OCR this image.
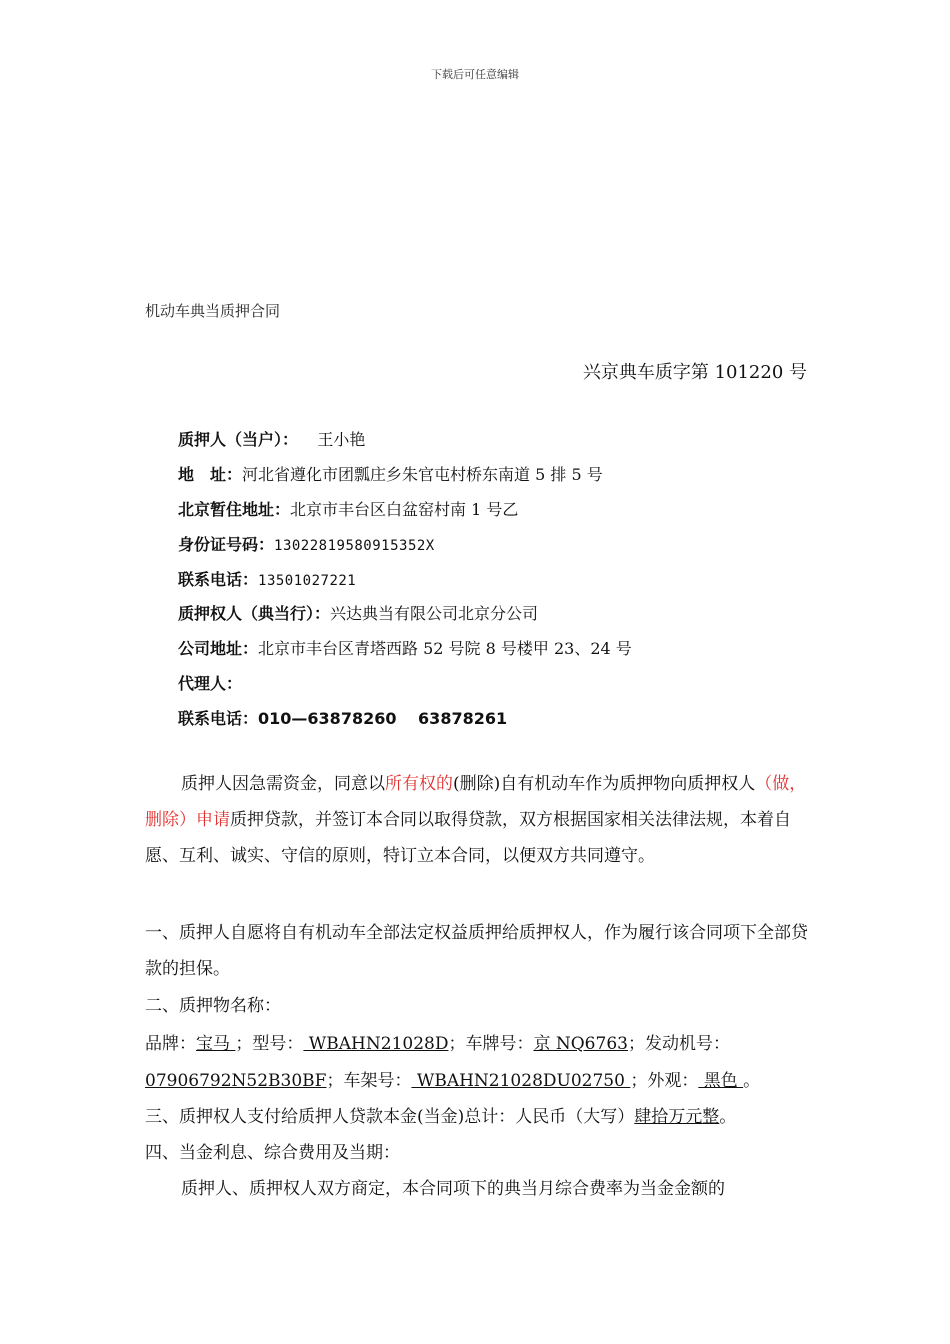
下载后可任意编辑
机动车典当质押合同
兴京典车质字第 101220 号
质押人（当户）： 王小艳
地　址：河北省遵化市团瓢庄乡朱官屯村桥东南道 5 排 5 号
北京暂住地址：北京市丰台区白盆窑村南 1 号乙
身份证号码：13022819580915352X
联系电话：13501027221
质押权人（典当行）：兴达典当有限公司北京分公司
公司地址：北京市丰台区青塔西路 52 号院 8 号楼甲 23、24 号
代理人：
联系电话：010—63878260　 63878261
质押人因急需资金，同意以所有权的(删除)自有机动车作为质押物向质押权人（做，删除）申请质押贷款，并签订本合同以取得贷款，双方根据国家相关法律法规，本着自愿、互利、诚实、守信的原则，特订立本合同，以便双方共同遵守。
一、质押人自愿将自有机动车全部法定权益质押给质押权人，作为履行该合同项下全部贷款的担保。
二、质押物名称：
品牌：宝马 ；型号： WBAHN21028D；车牌号：京 NQ6763；发动机号：
07906792N52B30BF；车架号： WBAHN21028DU02750 ；外观： 黑色 。
三、质押权人支付给质押人贷款本金(当金)总计：人民币（大写）肆拾万元整。
四、当金利息、综合费用及当期：
质押人、质押权人双方商定，本合同项下的典当月综合费率为当金金额的
